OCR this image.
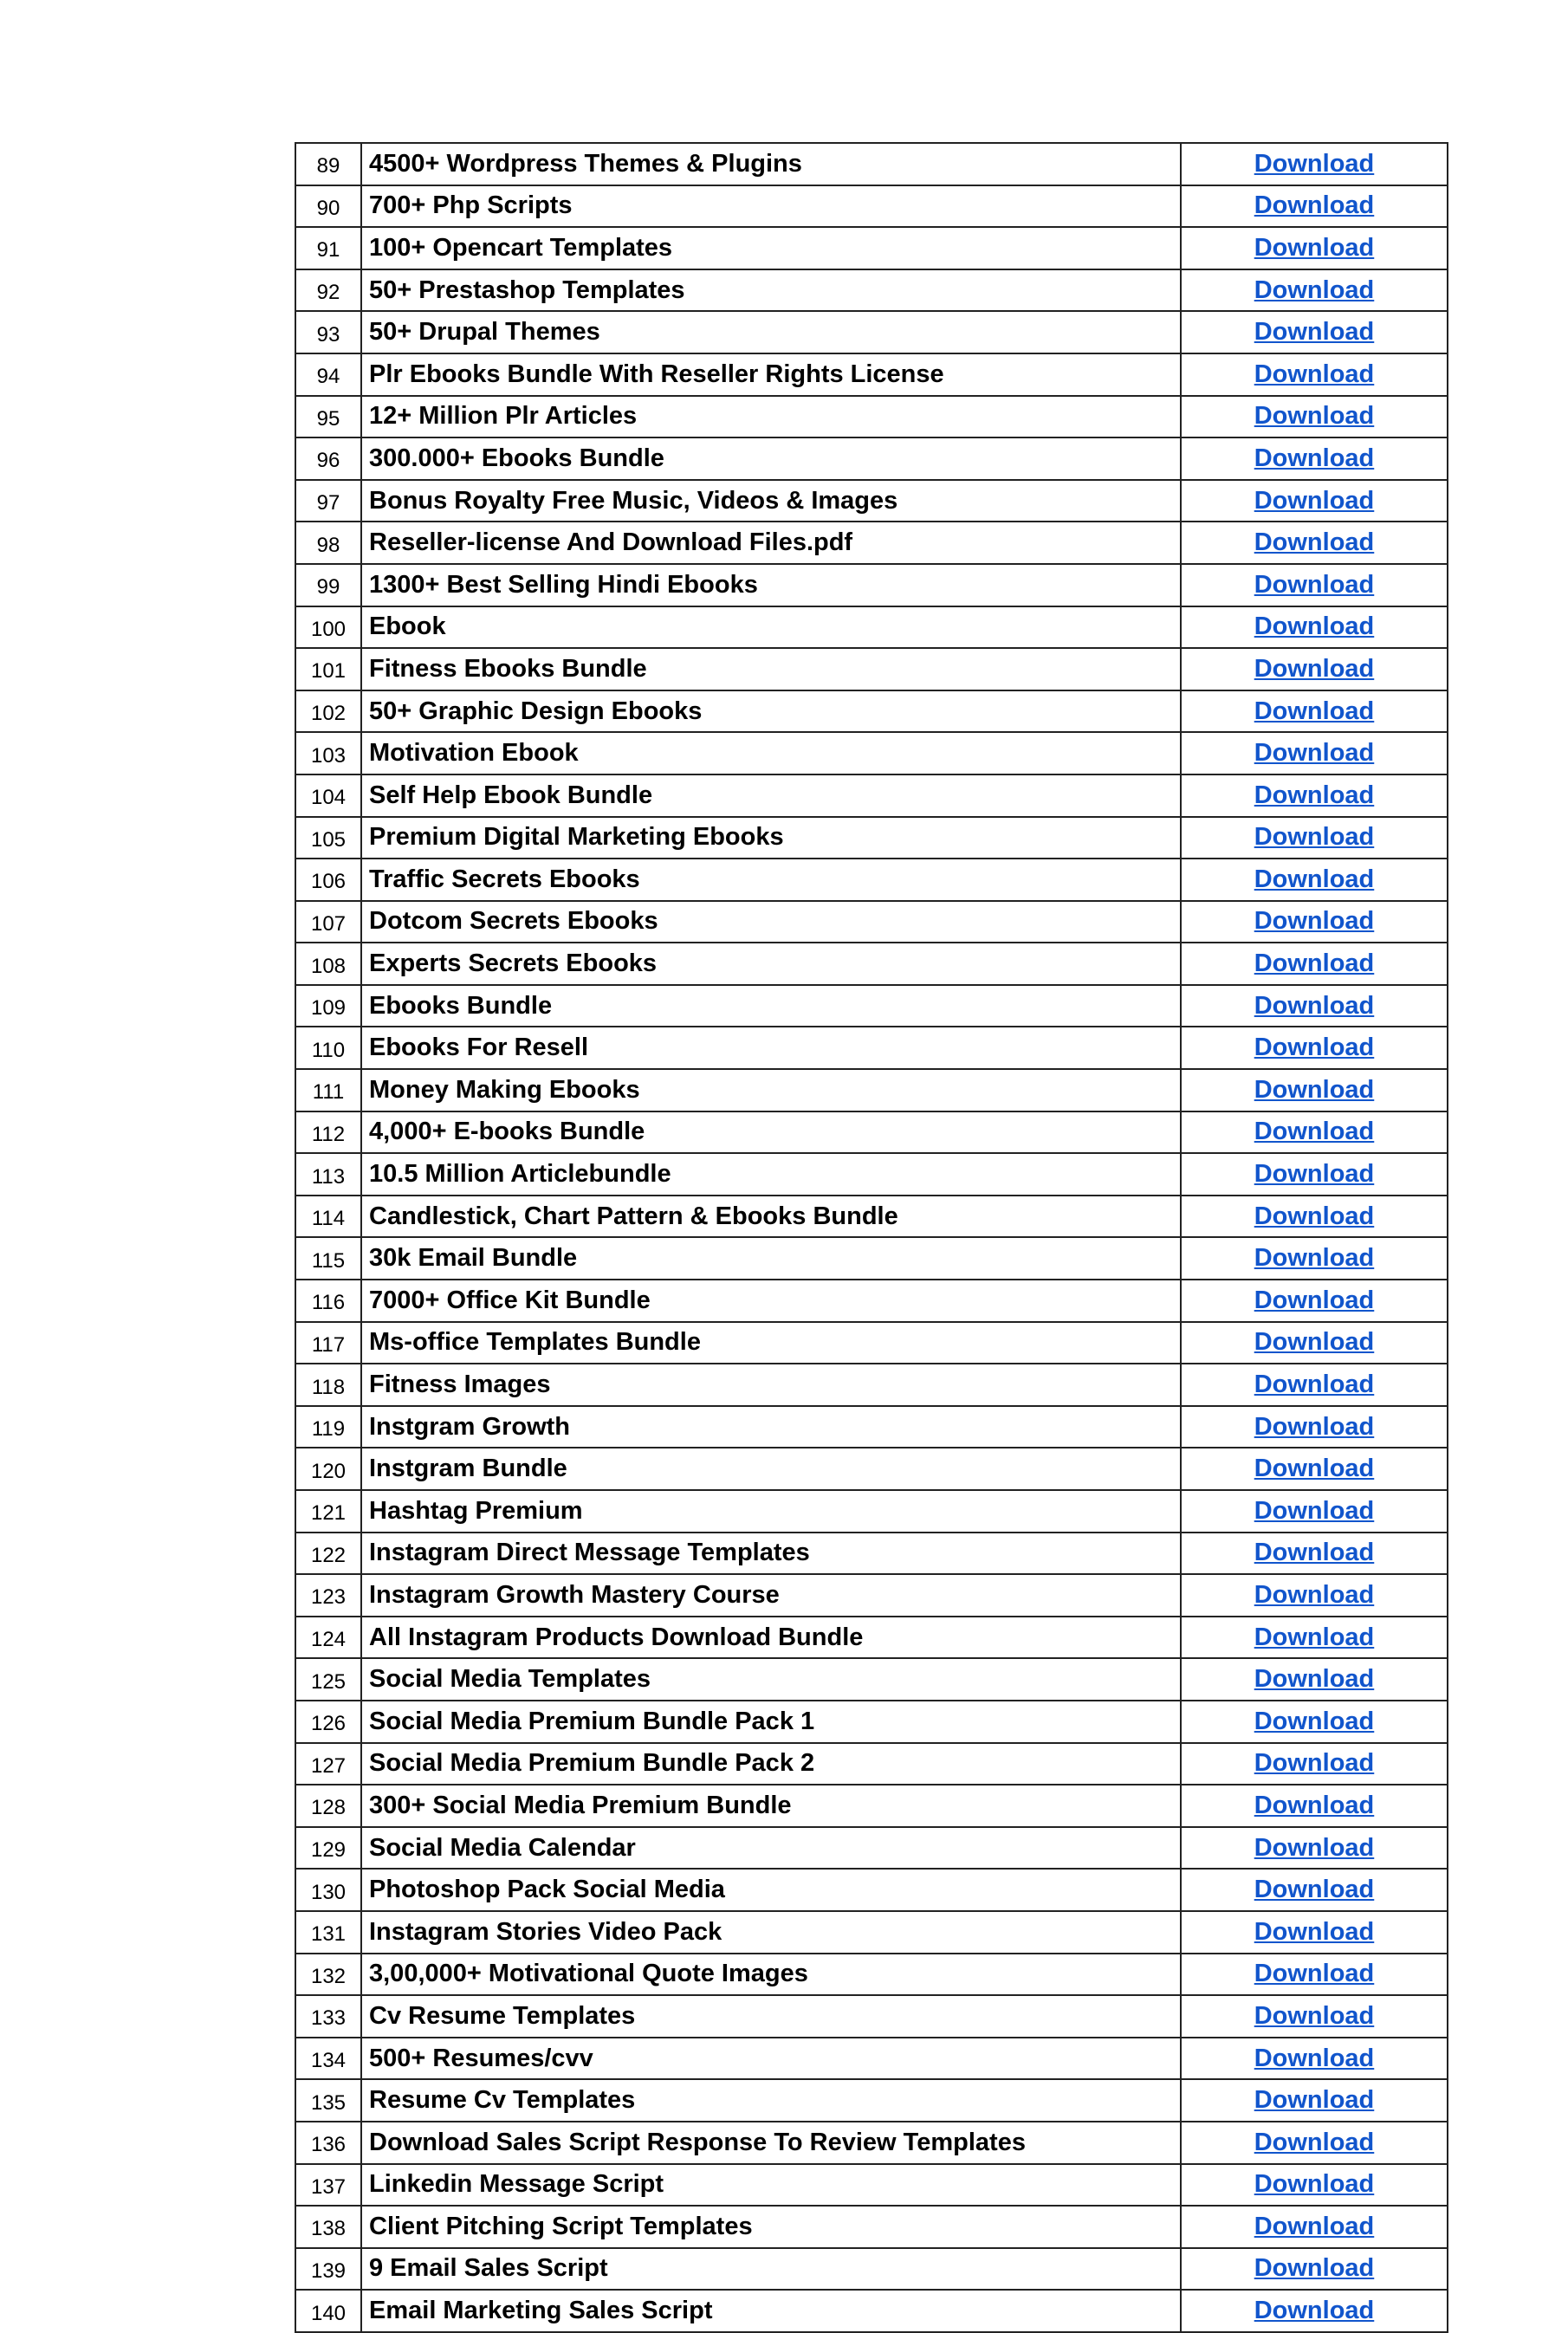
89	4500+ Wordpress Themes & Plugins	Download
90	700+ Php Scripts	Download
91	100+ Opencart Templates	Download
92	50+ Prestashop Templates	Download
93	50+ Drupal Themes	Download
94	Plr Ebooks Bundle With Reseller Rights License	Download
95	12+ Million Plr Articles	Download
96	300.000+ Ebooks Bundle	Download
97	Bonus Royalty Free Music, Videos & Images	Download
98	Reseller-license And Download Files.pdf	Download
99	1300+ Best Selling Hindi Ebooks	Download
100	Ebook	Download
101	Fitness Ebooks Bundle	Download
102	50+ Graphic Design Ebooks	Download
103	Motivation Ebook	Download
104	Self Help Ebook Bundle	Download
105	Premium Digital Marketing Ebooks	Download
106	Traffic Secrets Ebooks	Download
107	Dotcom Secrets Ebooks	Download
108	Experts Secrets Ebooks	Download
109	Ebooks Bundle	Download
110	Ebooks For Resell	Download
111	Money Making Ebooks	Download
112	4,000+ E-books Bundle	Download
113	10.5 Million Articlebundle	Download
114	Candlestick, Chart Pattern & Ebooks Bundle	Download
115	30k Email Bundle	Download
116	7000+ Office Kit Bundle	Download
117	Ms-office Templates Bundle	Download
118	Fitness Images	Download
119	Instgram Growth	Download
120	Instgram Bundle	Download
121	Hashtag Premium	Download
122	Instagram Direct Message Templates	Download
123	Instagram Growth Mastery Course	Download
124	All Instagram Products Download Bundle	Download
125	Social Media Templates	Download
126	Social Media Premium Bundle Pack 1	Download
127	Social Media Premium Bundle Pack 2	Download
128	300+ Social Media Premium Bundle	Download
129	Social Media Calendar	Download
130	Photoshop Pack Social Media	Download
131	Instagram Stories Video Pack	Download
132	3,00,000+ Motivational Quote Images	Download
133	Cv Resume Templates	Download
134	500+ Resumes/cvv	Download
135	Resume Cv Templates	Download
136	Download Sales Script Response To Review Templates	Download
137	Linkedin Message Script	Download
138	Client Pitching Script Templates	Download
139	9 Email Sales Script	Download
140	Email Marketing Sales Script	Download
